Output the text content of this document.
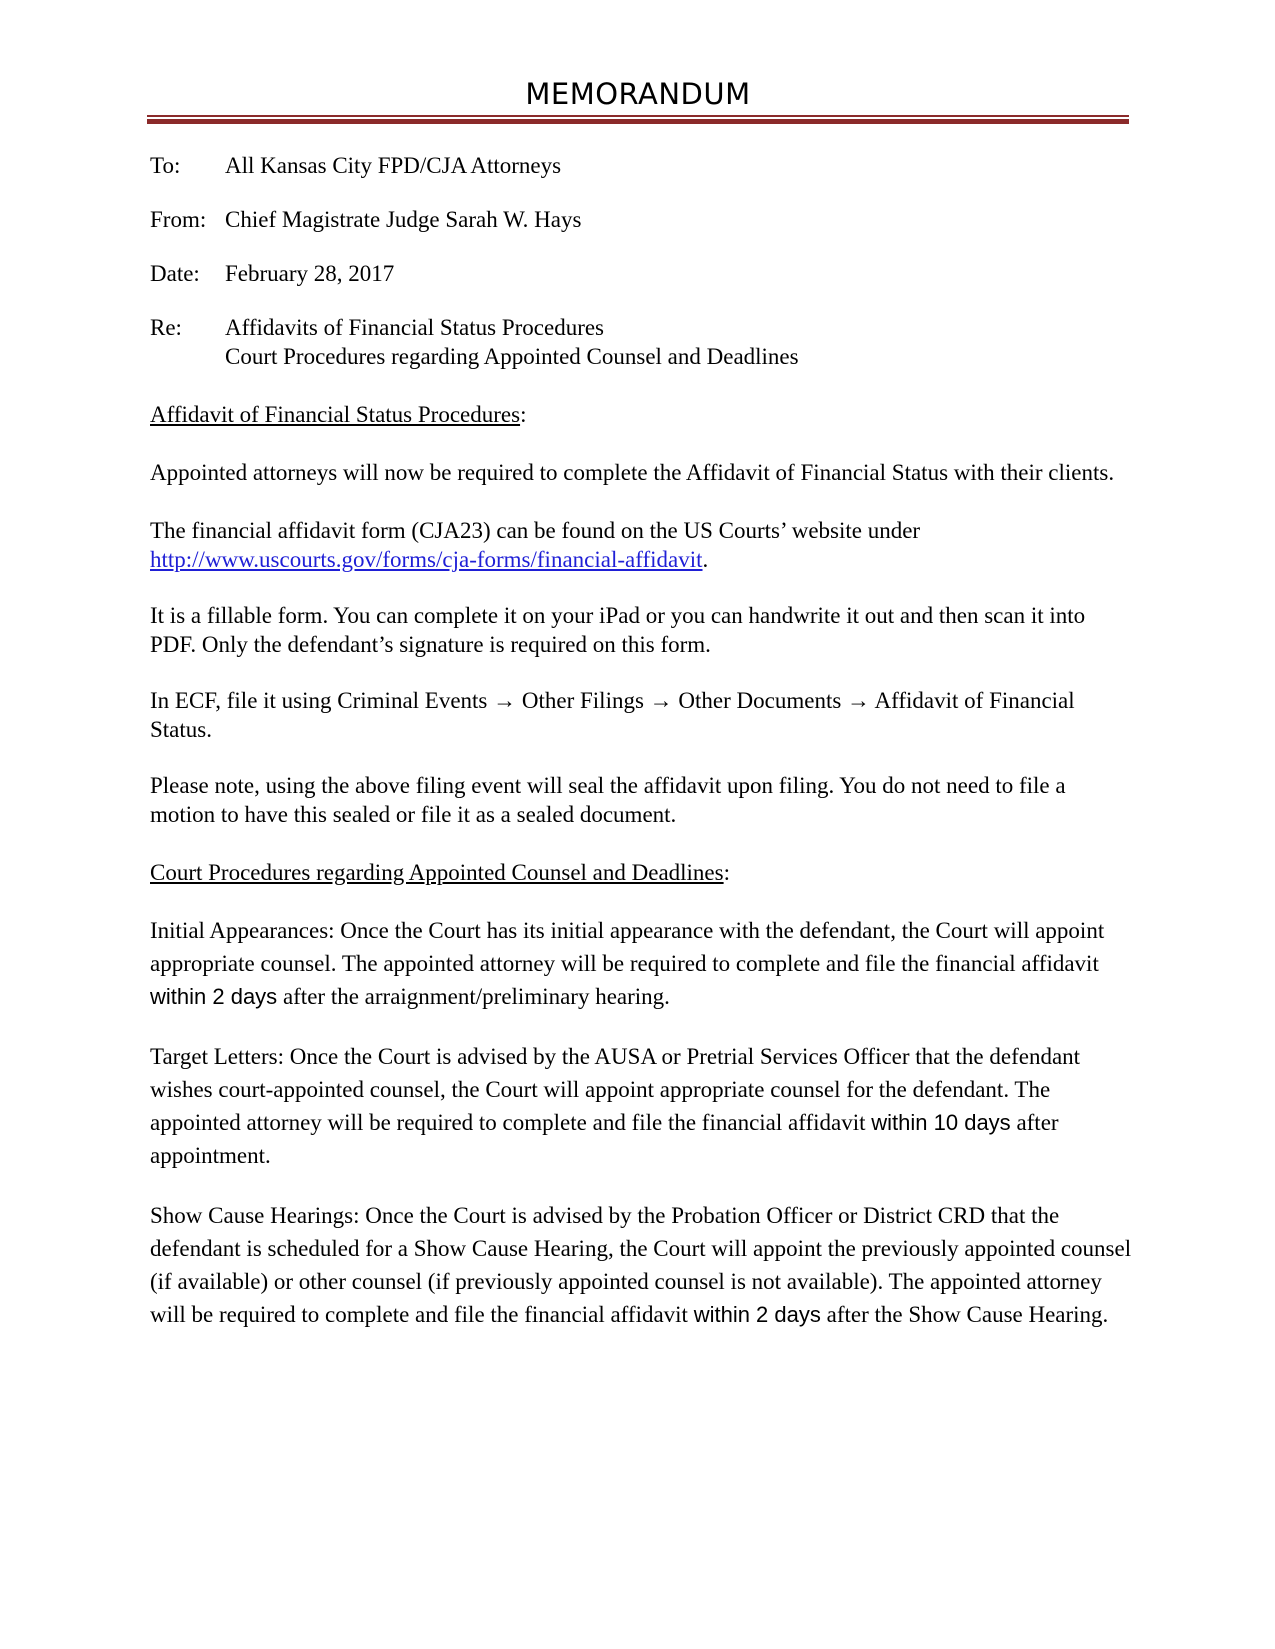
MEMORANDUM
To:	All Kansas City FPD/CJA Attorneys
From: Chief Magistrate Judge Sarah W. Hays
Date:	February 28, 2017
Re:	Affidavits of Financial Status Procedures
Court Procedures regarding Appointed Counsel and Deadlines
Affidavit of Financial Status Procedures:

Appointed attorneys will now be required to complete the Affidavit of Financial Status with their clients.

The financial affidavit form (CJA23) can be found on the US Courts’ website under
http://www.uscourts.gov/forms/cja-forms/financial-affidavit.

It is a fillable form. You can complete it on your iPad or you can handwrite it out and then scan it into PDF. Only the defendant’s signature is required on this form.

In ECF, file it using Criminal Events → Other Filings → Other Documents → Affidavit of Financial Status.

Please note, using the above filing event will seal the affidavit upon filing. You do not need to file a motion to have this sealed or file it as a sealed document.

Court Procedures regarding Appointed Counsel and Deadlines:

Initial Appearances: Once the Court has its initial appearance with the defendant, the Court will appoint appropriate counsel. The appointed attorney will be required to complete and file the financial affidavit within 2 days after the arraignment/preliminary hearing.

Target Letters: Once the Court is advised by the AUSA or Pretrial Services Officer that the defendant wishes court-appointed counsel, the Court will appoint appropriate counsel for the defendant. The appointed attorney will be required to complete and file the financial affidavit within 10 days after appointment.

Show Cause Hearings: Once the Court is advised by the Probation Officer or District CRD that the defendant is scheduled for a Show Cause Hearing, the Court will appoint the previously appointed counsel (if available) or other counsel (if previously appointed counsel is not available). The appointed attorney will be required to complete and file the financial affidavit within 2 days after the Show Cause Hearing.
